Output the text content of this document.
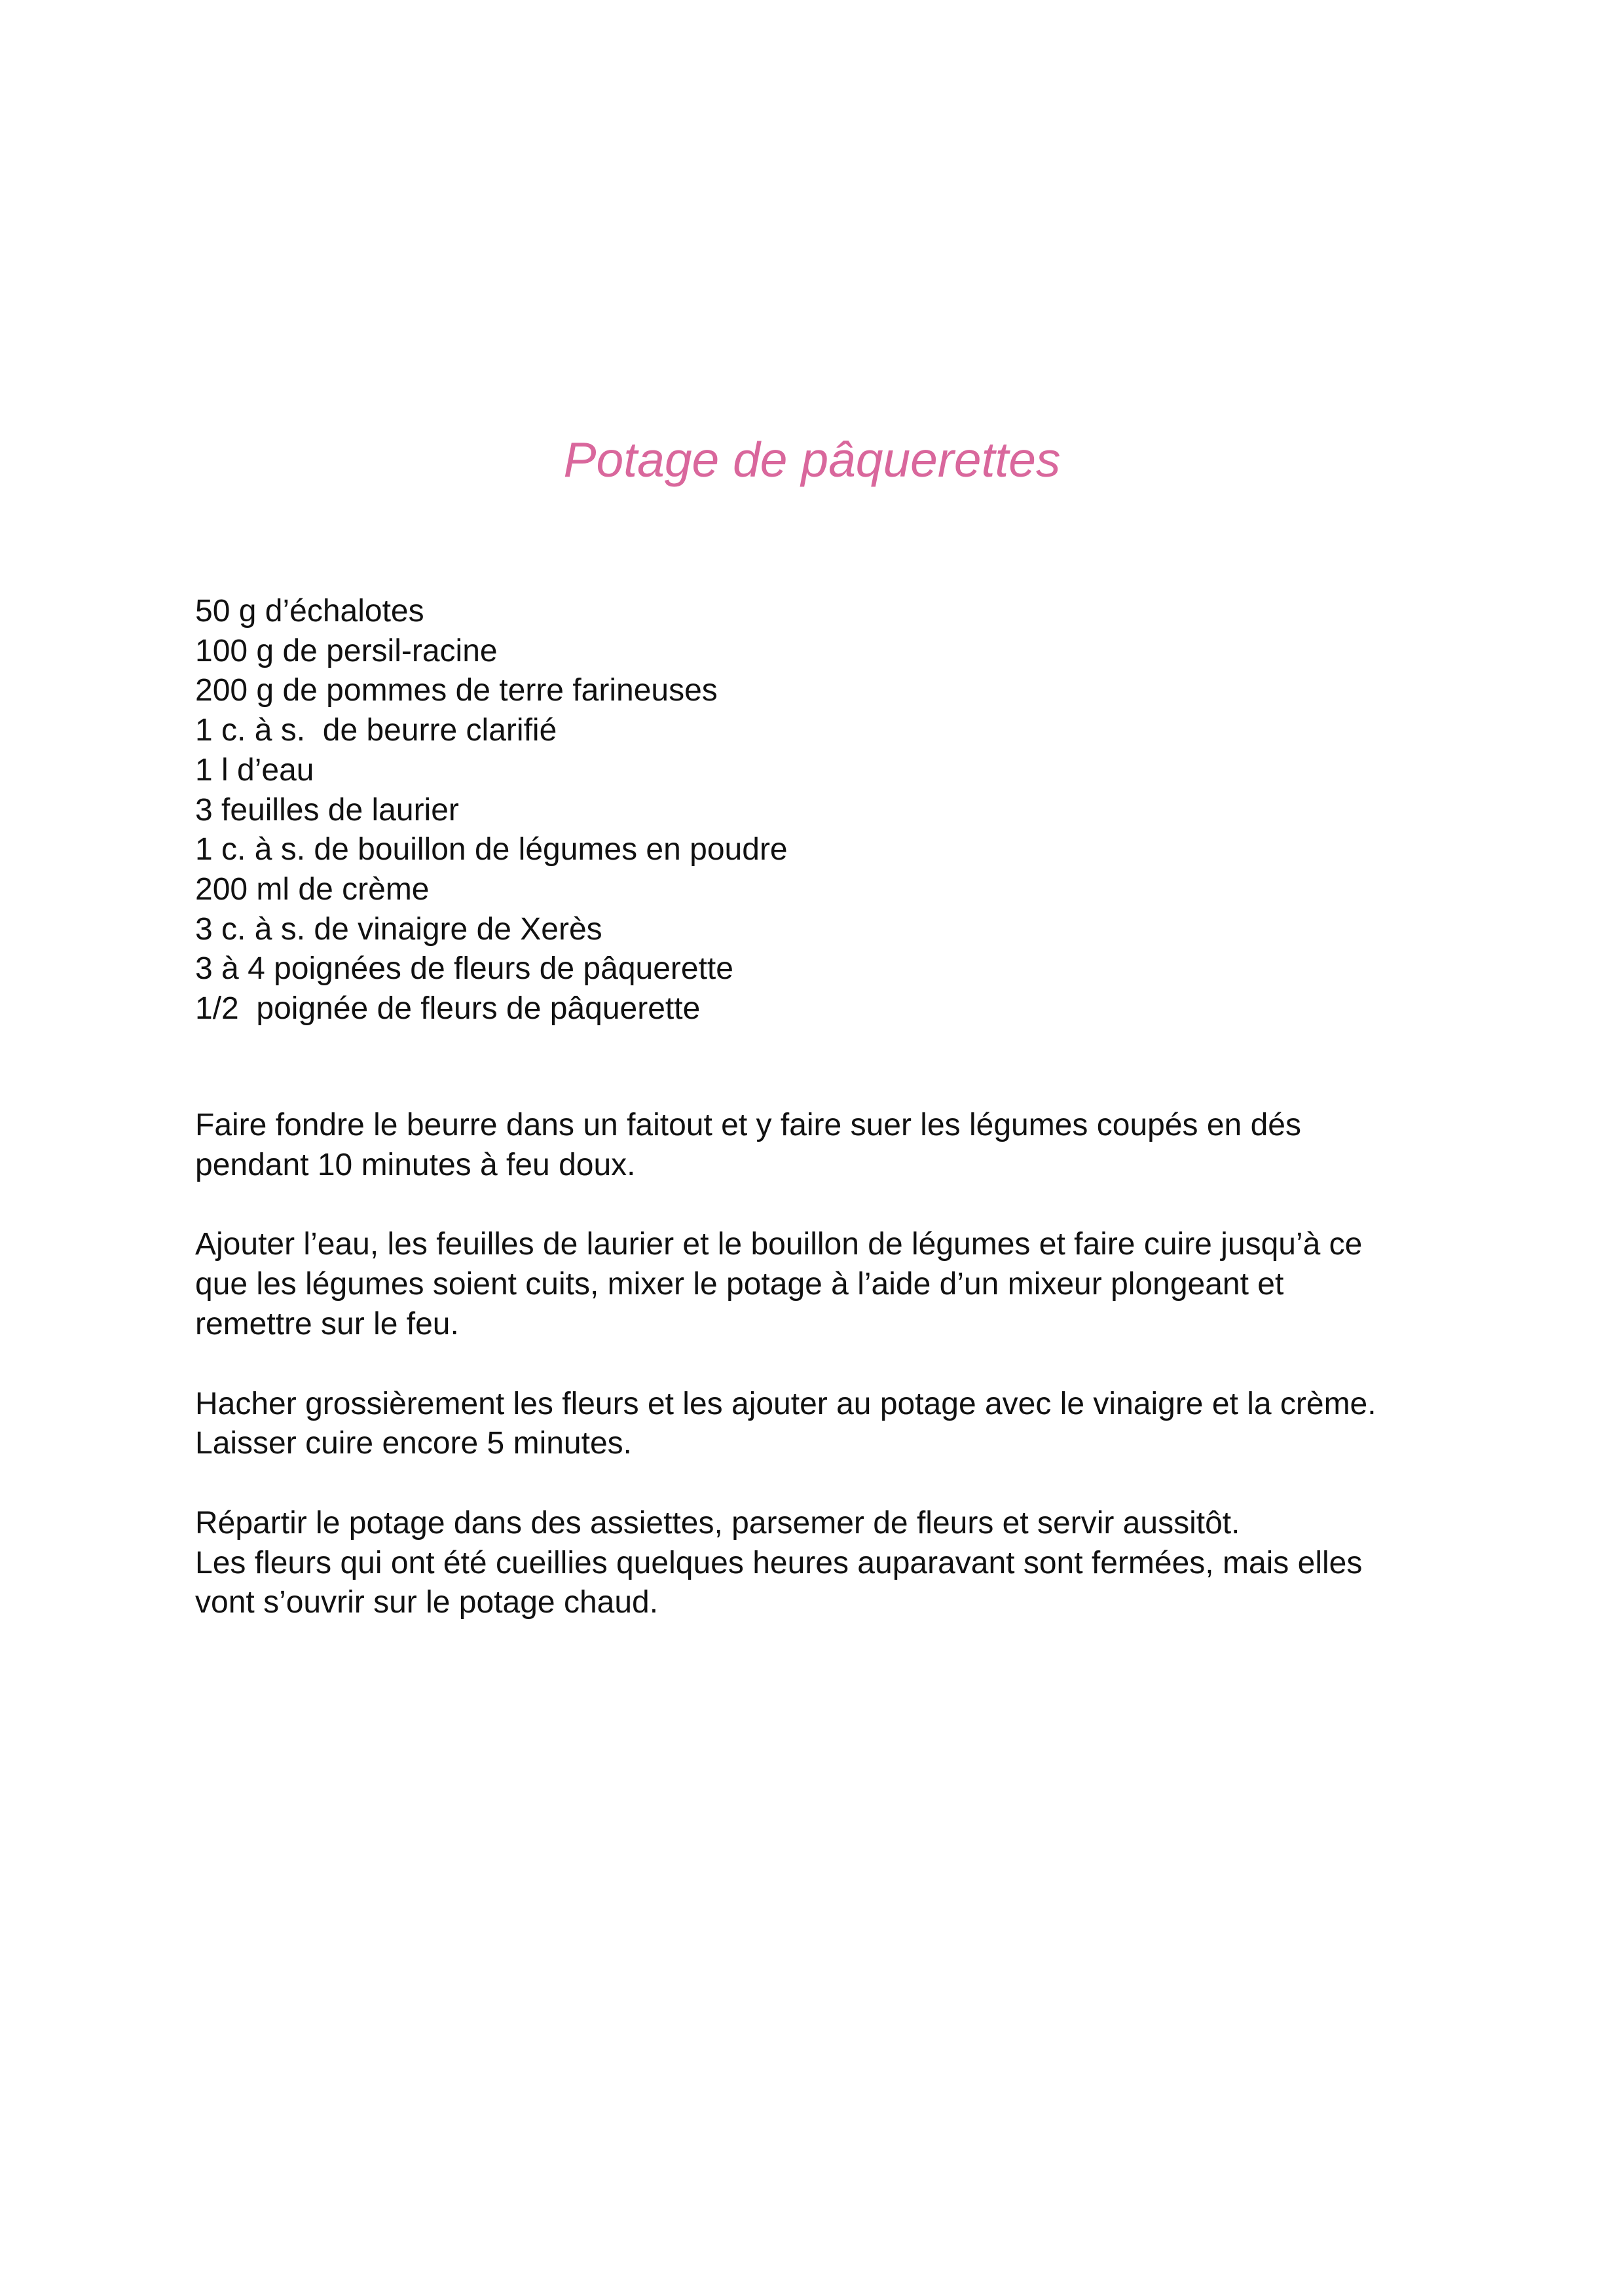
Potage de pâquerettes
50 g d’échalotes
100 g de persil-racine
200 g de pommes de terre farineuses
1 c. à s.  de beurre clarifié
1 l d’eau
3 feuilles de laurier
1 c. à s. de bouillon de légumes en poudre
200 ml de crème
3 c. à s. de vinaigre de Xerès
3 à 4 poignées de fleurs de pâquerette
1/2  poignée de fleurs de pâquerette

Faire fondre le beurre dans un faitout et y faire suer les légumes coupés en dés
pendant 10 minutes à feu doux.

Ajouter l’eau, les feuilles de laurier et le bouillon de légumes et faire cuire jusqu’à ce
que les légumes soient cuits, mixer le potage à l’aide d’un mixeur plongeant et
remettre sur le feu.

Hacher grossièrement les fleurs et les ajouter au potage avec le vinaigre et la crème.
Laisser cuire encore 5 minutes.

Répartir le potage dans des assiettes, parsemer de fleurs et servir aussitôt.
Les fleurs qui ont été cueillies quelques heures auparavant sont fermées, mais elles
vont s’ouvrir sur le potage chaud.
